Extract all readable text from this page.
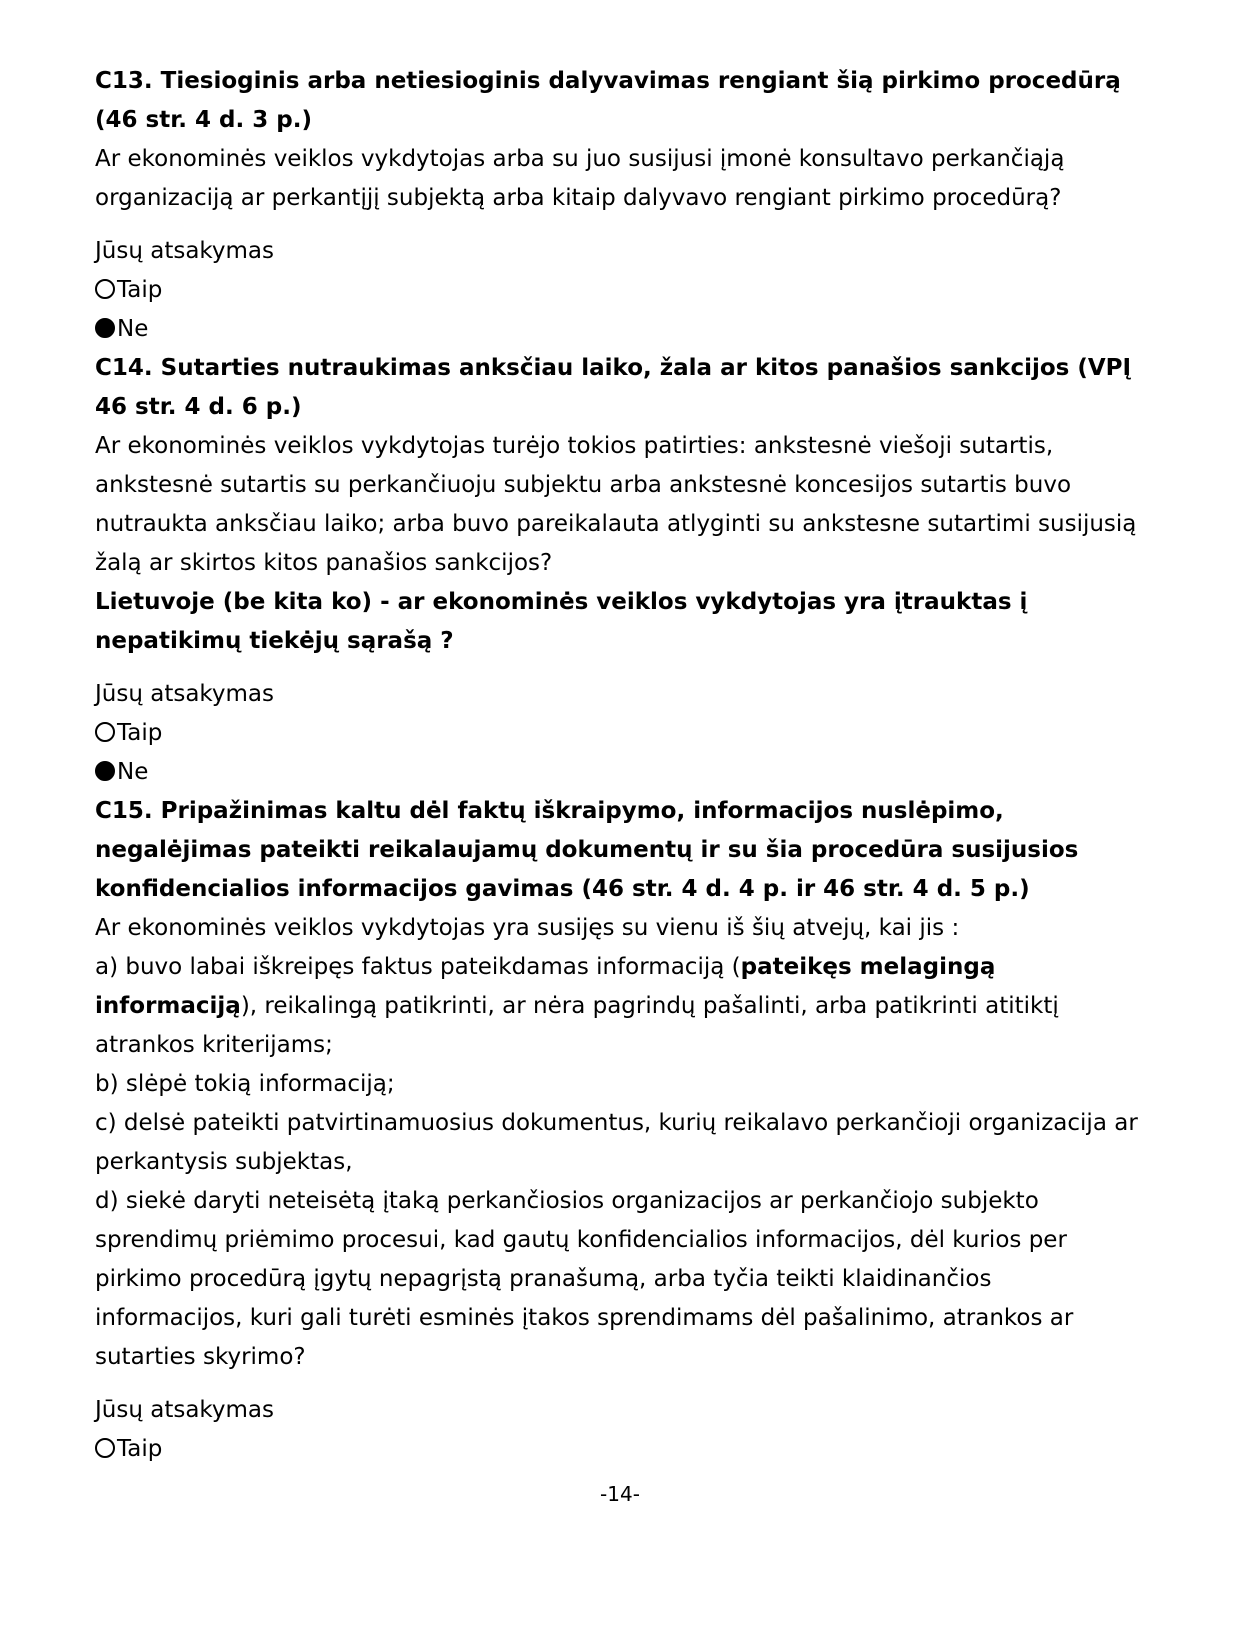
C13. Tiesioginis arba netiesioginis dalyvavimas rengiant šią pirkimo procedūrą (46 str. 4 d. 3 p.)

Ar ekonominės veiklos vykdytojas arba su juo susijusi įmonė konsultavo perkančiąją organizaciją ar perkantįjį subjektą arba kitaip dalyvavo rengiant pirkimo procedūrą?

Jūsų atsakymas

Taip
Ne
C14. Sutarties nutraukimas anksčiau laiko, žala ar kitos panašios sankcijos (VPĮ 46 str. 4 d. 6 p.)

Ar ekonominės veiklos vykdytojas turėjo tokios patirties: ankstesnė viešoji sutartis, ankstesnė sutartis su perkančiuoju subjektu arba ankstesnė koncesijos sutartis buvo nutraukta anksčiau laiko; arba buvo pareikalauta atlyginti su ankstesne sutartimi susijusią žalą ar skirtos kitos panašios sankcijos?

Lietuvoje (be kita ko) - ar ekonominės veiklos vykdytojas yra įtrauktas į nepatikimų tiekėjų sąrašą ?

Jūsų atsakymas

Taip
Ne
C15. Pripažinimas kaltu dėl faktų iškraipymo, informacijos nuslėpimo, negalėjimas pateikti reikalaujamų dokumentų ir su šia procedūra susijusios konfidencialios informacijos gavimas (46 str. 4 d. 4 p. ir 46 str. 4 d. 5 p.)
Ar ekonominės veiklos vykdytojas yra susijęs su vienu iš šių atvejų, kai jis :
a) buvo labai iškreipęs faktus pateikdamas informaciją (pateikęs melagingą informaciją), reikalingą patikrinti, ar nėra pagrindų pašalinti, arba patikrinti atitiktį atrankos kriterijams;
b) slėpė tokią informaciją;
c) delsė pateikti patvirtinamuosius dokumentus, kurių reikalavo perkančioji organizacija ar perkantysis subjektas,
d) siekė daryti neteisėtą įtaką perkančiosios organizacijos ar perkančiojo subjekto sprendimų priėmimo procesui, kad gautų konfidencialios informacijos, dėl kurios per pirkimo procedūrą įgytų nepagrįstą pranašumą, arba tyčia teikti klaidinančios informacijos, kuri gali turėti esminės įtakos sprendimams dėl pašalinimo, atrankos ar sutarties skyrimo?

Jūsų atsakymas

Taip
-14-
